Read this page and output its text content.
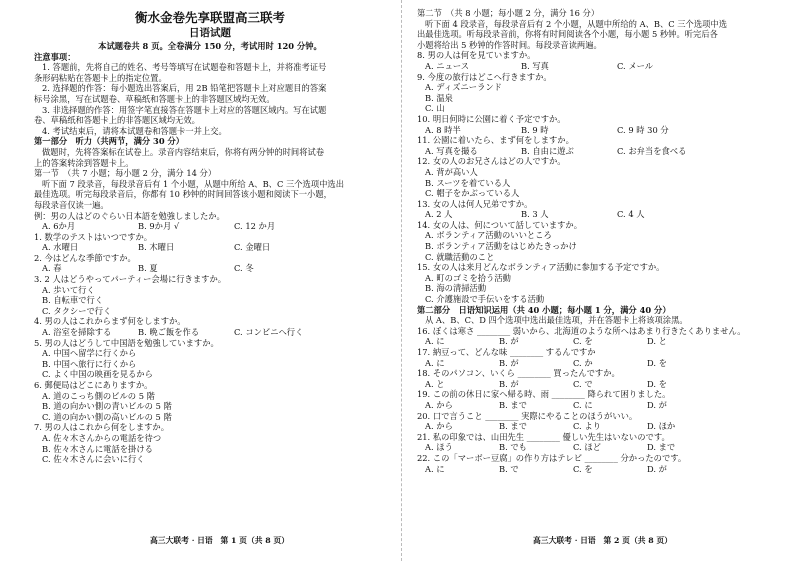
衡水金卷先享联盟高三联考
日语试题
本试题卷共 8 页。全卷满分 150 分，考试用时 120 分钟。
注意事项：
1. 答题前，先将自己的姓名、考号等填写在试题卷和答题卡上，并将准考证号
条形码粘贴在答题卡上的指定位置。
2. 选择题的作答：每小题选出答案后，用 2B 铅笔把答题卡上对应题目的答案
标号涂黑，写在试题卷、草稿纸和答题卡上的非答题区域均无效。
3. 非选择题的作答：用签字笔直接答在答题卡上对应的答题区域内。写在试题
卷、草稿纸和答题卡上的非答题区域均无效。
4. 考试结束后，请将本试题卷和答题卡一并上交。
第一部分　听力（共两节，满分 30 分）
做题时，先将答案标在试卷上。录音内容结束后，你将有两分钟的时间将试卷
上的答案转涂到答题卡上。
第一节　（共 7 小题；每小题 2 分，满分 14 分）
听下面 7 段录音，每段录音后有 1 个小题，从题中所给 A、B、C 三个选项中选出
最佳选项。听完每段录音后，你都有 10 秒钟的时间回答该小题和阅读下一小题，
每段录音仅读一遍。
例：男の人はどのぐらい日本語を勉強しましたか。
A. 6か月	B. 9か月 √	C. 12 か月
1. 数学のテストはいつですか。
A. 水曜日	B. 木曜日	C. 金曜日
2. 今はどんな季節ですか。
A. 春	B. 夏	C. 冬
3. 2 人はどうやってパーティー会場に行きますか。
A. 歩いて行く
B. 自転車で行く
C. タクシーで行く
4. 男の人はこれからまず何をしますか。
A. 浴室を掃除する	B. 晩ご飯を作る	C. コンビニへ行く
5. 男の人はどうして中国語を勉強していますか。
A. 中国へ留学に行くから
B. 中国へ旅行に行くから
C. よく中国の映画を見るから
6. 郵便局はどこにありますか。
A. 道のこっち側のビルの 5 階
B. 道の向かい側の青いビルの 5 階
C. 道の向かい側の高いビルの 5 階
7. 男の人はこれから何をしますか。
A. 佐々木さんからの電話を待つ
B. 佐々木さんに電話を掛ける
C. 佐々木さんに会いに行く
第二节　（共 8 小题；每小题 2 分，满分 16 分）
听下面 4 段录音，每段录音后有 2 个小题，从题中所给的 A、B、C 三个选项中选
出最佳选项。听每段录音前，你将有时间阅读各个小题，每小题 5 秒钟。听完后各
小题将给出 5 秒钟的作答时间。每段录音读两遍。
8. 男の人は何を見ていますか。
A. ニュース	B. 写真	C. メール
9. 今度の旅行はどこへ行きますか。
A. ディズニーランド
B. 温泉
C. 山
10. 明日何時に公園に着く予定ですか。
A. 8 時半	B. 9 時	C. 9 時 30 分
11. 公園に着いたら、まず何をしますか。
A. 写真を撮る	B. 自由に遊ぶ	C. お弁当を食べる
12. 女の人のお兄さんはどの人ですか。
A. 背が高い人
B. スーツを着ている人
C. 帽子をかぶっている人
13. 女の人は何人兄弟ですか。
A. 2 人	B. 3 人	C. 4 人
14. 女の人は、何について話していますか。
A. ボランティア活動のいいところ
B. ボランティア活動をはじめたきっかけ
C. 就職活動のこと
15. 女の人は来月どんなボランティア活動に参加する予定ですか。
A. 町のゴミを拾う活動
B. 海の清掃活動
C. 介護施設で手伝いをする活動
第二部分　日语知识运用（共 40 小题；每小题 1 分，满分 40 分）
从 A、B、C、D 四个选项中选出最佳选项，并在答题卡上将该项涂黑。
16. ぼくは寒さ ________ 弱いから、北海道のような所へはあまり行きたくありません。
A. に	B. が	C. を	D. と
17. 納豆って、どんな味 ________ するんですか
A. に	B. が	C. か	D. を
18. そのパソコン、いくら ________ 買ったんですか。
A. と	B. が	C. で	D. を
19. この前の休日に家へ帰る時、雨 ________ 降られて困りました。
A. から	B. まで	C. に	D. が
20. 口で言うこと ________ 実際にやることのほうがいい。
A. から	B. まで	C. より	D. ほか
21. 私の印象では、山田先生 ________ 優しい先生はいないのです。
A. ほう	B. でも	C. ほど	D. まで
22. この「マーボー豆腐」の作り方はテレビ ________ 分かったのです。
A. に	B. で	C. を	D. が
高三大联考 · 日语　第 1 页（共 8 页）	高三大联考 · 日语　第 2 页（共 8 页）
